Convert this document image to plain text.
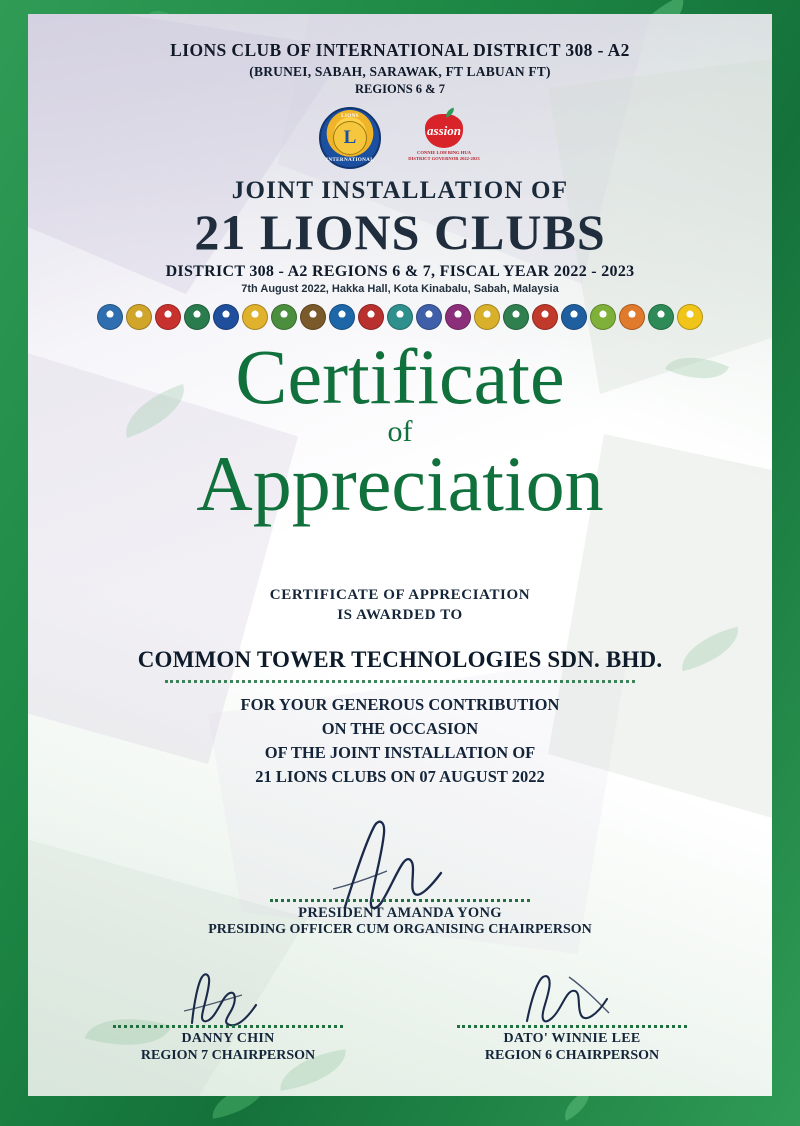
LIONS CLUB OF INTERNATIONAL DISTRICT 308 - A2
(BRUNEI, SABAH, SARAWAK, FT LABUAN FT)
REGIONS 6 & 7
LIONS
L
INTERNATIONAL
assion
CONNIE LOH BING HUA DISTRICT GOVERNOR 2022-2023
JOINT INSTALLATION OF
21 LIONS CLUBS
DISTRICT 308 - A2 REGIONS 6 & 7, FISCAL YEAR 2022 - 2023
7th August 2022, Hakka Hall, Kota Kinabalu, Sabah, Malaysia
Certificate
of
Appreciation
CERTIFICATE OF APPRECIATION
IS AWARDED TO
COMMON TOWER TECHNOLOGIES SDN. BHD.
FOR YOUR GENEROUS CONTRIBUTION
ON THE OCCASION
OF THE JOINT INSTALLATION OF
21 LIONS CLUBS ON 07 AUGUST 2022
PRESIDENT AMANDA YONG
PRESIDING OFFICER CUM ORGANISING CHAIRPERSON
DANNY CHIN
REGION 7 CHAIRPERSON
DATO' WINNIE LEE
REGION 6 CHAIRPERSON
